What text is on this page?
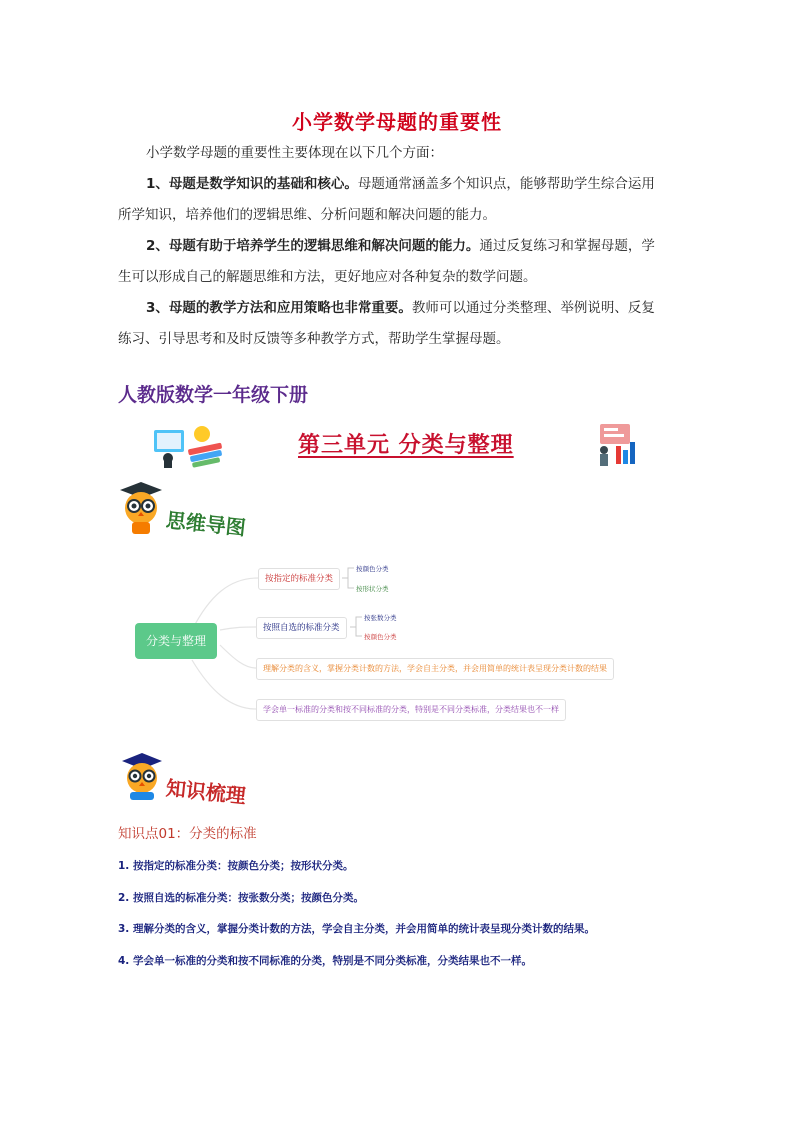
小学数学母题的重要性
小学数学母题的重要性主要体现在以下几个方面：
1、母题是数学知识的基础和核心。母题通常涵盖多个知识点，能够帮助学生综合运用
所学知识，培养他们的逻辑思维、分析问题和解决问题的能力。
2、母题有助于培养学生的逻辑思维和解决问题的能力。通过反复练习和掌握母题，学
生可以形成自己的解题思维和方法，更好地应对各种复杂的数学问题。
3、母题的教学方法和应用策略也非常重要。教师可以通过分类整理、举例说明、反复
练习、引导思考和及时反馈等多种教学方式，帮助学生掌握母题。
人教版数学一年级下册
第三单元 分类与整理
思维导图
分类与整理
按指定的标准分类
按颜色分类
按形状分类
按照自选的标准分类
按张数分类
按颜色分类
理解分类的含义，掌握分类计数的方法，学会自主分类，并会用简单的统计表呈现分类计数的结果
学会单一标准的分类和按不同标准的分类，特别是不同分类标准，分类结果也不一样
知识梳理
知识点01：分类的标准
1. 按指定的标准分类：按颜色分类；按形状分类。
2. 按照自选的标准分类：按张数分类；按颜色分类。
3. 理解分类的含义，掌握分类计数的方法，学会自主分类，并会用简单的统计表呈现分类计数的结果。
4. 学会单一标准的分类和按不同标准的分类，特别是不同分类标准，分类结果也不一样。
